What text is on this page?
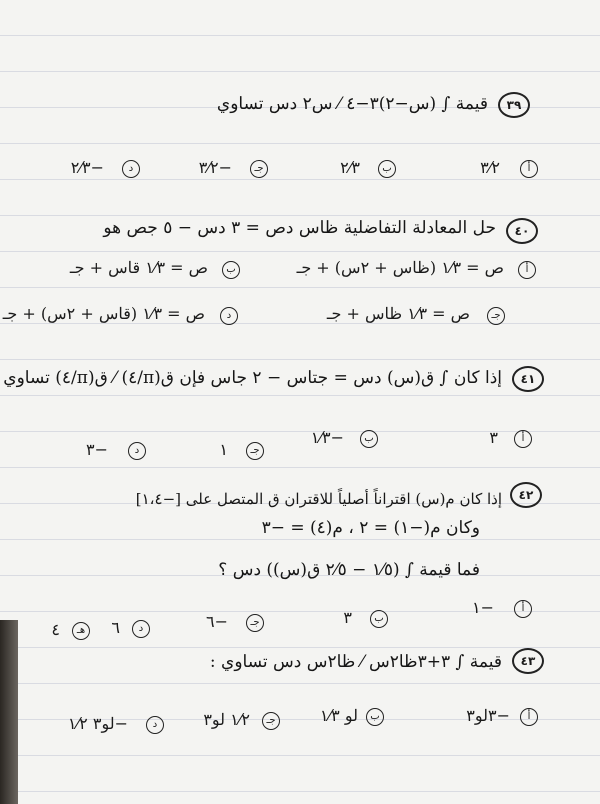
٣٩
قيمة ∫ (س−٢)٣−٤ ⁄ س٢ دس تساوي
أ
٣⁄٢
ب
٢⁄٣
جـ
−٣⁄٢
د
−٢⁄٣
٤٠
حل المعادلة التفاضلية ظاس دص = ٣ دس − ٥ جص هو
أ
ص = ١⁄٣ (ظاس + ٢س) + جـ
ب
ص = ١⁄٣ قاس + جـ
جـ
ص = ١⁄٣ ظاس + جـ
د
ص = ١⁄٣ (قاس + ٢س) + جـ
٤١
إذا كان ∫ ق(س) دس = جتاس − ٢ جاس فإن ق(π/٤) ⁄ ق(π/٤) تساوي
أ
٣
ب
−١⁄٣
جـ
١
د
−٣
٤٢
إذا كان م(س) اقتراناً أصلياً للاقتران ق المتصل على [−١،٤]
وكان م(−١) = ٢ ، م(٤) = −٣
فما قيمة ∫ (١⁄٥ − ٢⁄٥ ق(س)) دس ؟
أ
−١
ب
٣
جـ
−٦
د
٦
هـ
٤
٤٣
قيمة ∫ ٣+٣ظا٢س ⁄ ظا٢س دس تساوي :
أ
−٣لو٣
ب
لو ١⁄٣
جـ
١⁄٢ لو٣
د
−لو٣ ١⁄٢
